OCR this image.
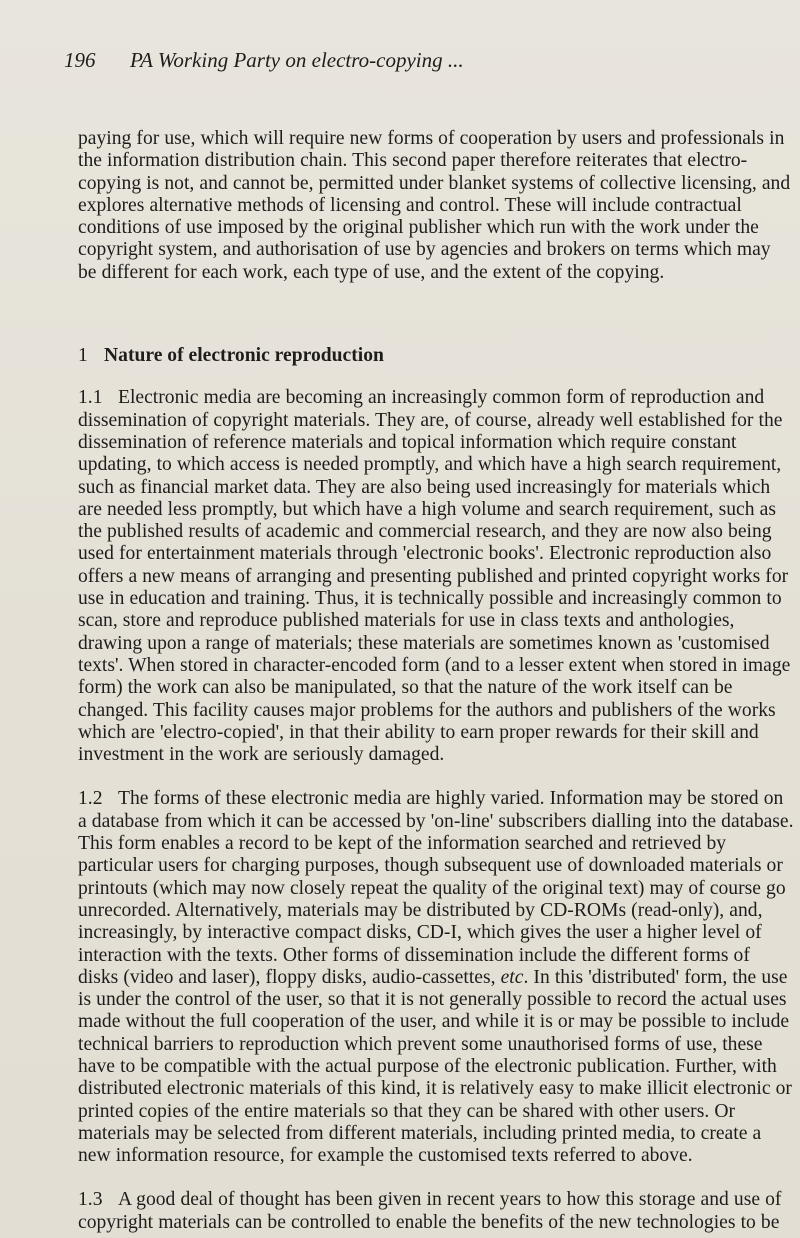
196 PA Working Party on electro-copying ...

paying for use, which will require new forms of cooperation by users and professionals in the information distribution chain. This second paper therefore reiterates that electro-copying is not, and cannot be, permitted under blanket systems of collective licensing, and explores alternative methods of licensing and control. These will include contractual conditions of use imposed by the original publisher which run with the work under the copyright system, and authorisation of use by agencies and brokers on terms which may be different for each work, each type of use, and the extent of the copying.

1 Nature of electronic reproduction

1.1 Electronic media are becoming an increasingly common form of reproduction and dissemination of copyright materials. They are, of course, already well established for the dissemination of reference materials and topical information which require constant updating, to which access is needed promptly, and which have a high search requirement, such as financial market data. They are also being used increasingly for materials which are needed less promptly, but which have a high volume and search requirement, such as the published results of academic and commercial research, and they are now also being used for entertainment materials through 'electronic books'. Electronic reproduction also offers a new means of arranging and presenting published and printed copyright works for use in education and training. Thus, it is technically possible and increasingly common to scan, store and reproduce published materials for use in class texts and anthologies, drawing upon a range of materials; these materials are sometimes known as 'customised texts'. When stored in character-encoded form (and to a lesser extent when stored in image form) the work can also be manipulated, so that the nature of the work itself can be changed. This facility causes major problems for the authors and publishers of the works which are 'electro-copied', in that their ability to earn proper rewards for their skill and investment in the work are seriously damaged.

1.2 The forms of these electronic media are highly varied. Information may be stored on a database from which it can be accessed by 'on-line' subscribers dialling into the database. This form enables a record to be kept of the information searched and retrieved by particular users for charging purposes, though subsequent use of downloaded materials or printouts (which may now closely repeat the quality of the original text) may of course go unrecorded. Alternatively, materials may be distributed by CD-ROMs (read-only), and, increasingly, by interactive compact disks, CD-I, which gives the user a higher level of interaction with the texts. Other forms of dissemination include the different forms of disks (video and laser), floppy disks, audio-cassettes, etc. In this 'distributed' form, the use is under the control of the user, so that it is not generally possible to record the actual uses made without the full cooperation of the user, and while it is or may be possible to include technical barriers to reproduction which prevent some unauthorised forms of use, these have to be compatible with the actual purpose of the electronic publication. Further, with distributed electronic materials of this kind, it is relatively easy to make illicit electronic or printed copies of the entire materials so that they can be shared with other users. Or materials may be selected from different materials, including printed media, to create a new information resource, for example the customised texts referred to above.

1.3 A good deal of thought has been given in recent years to how this storage and use of copyright materials can be controlled to enable the benefits of the new technologies to be
